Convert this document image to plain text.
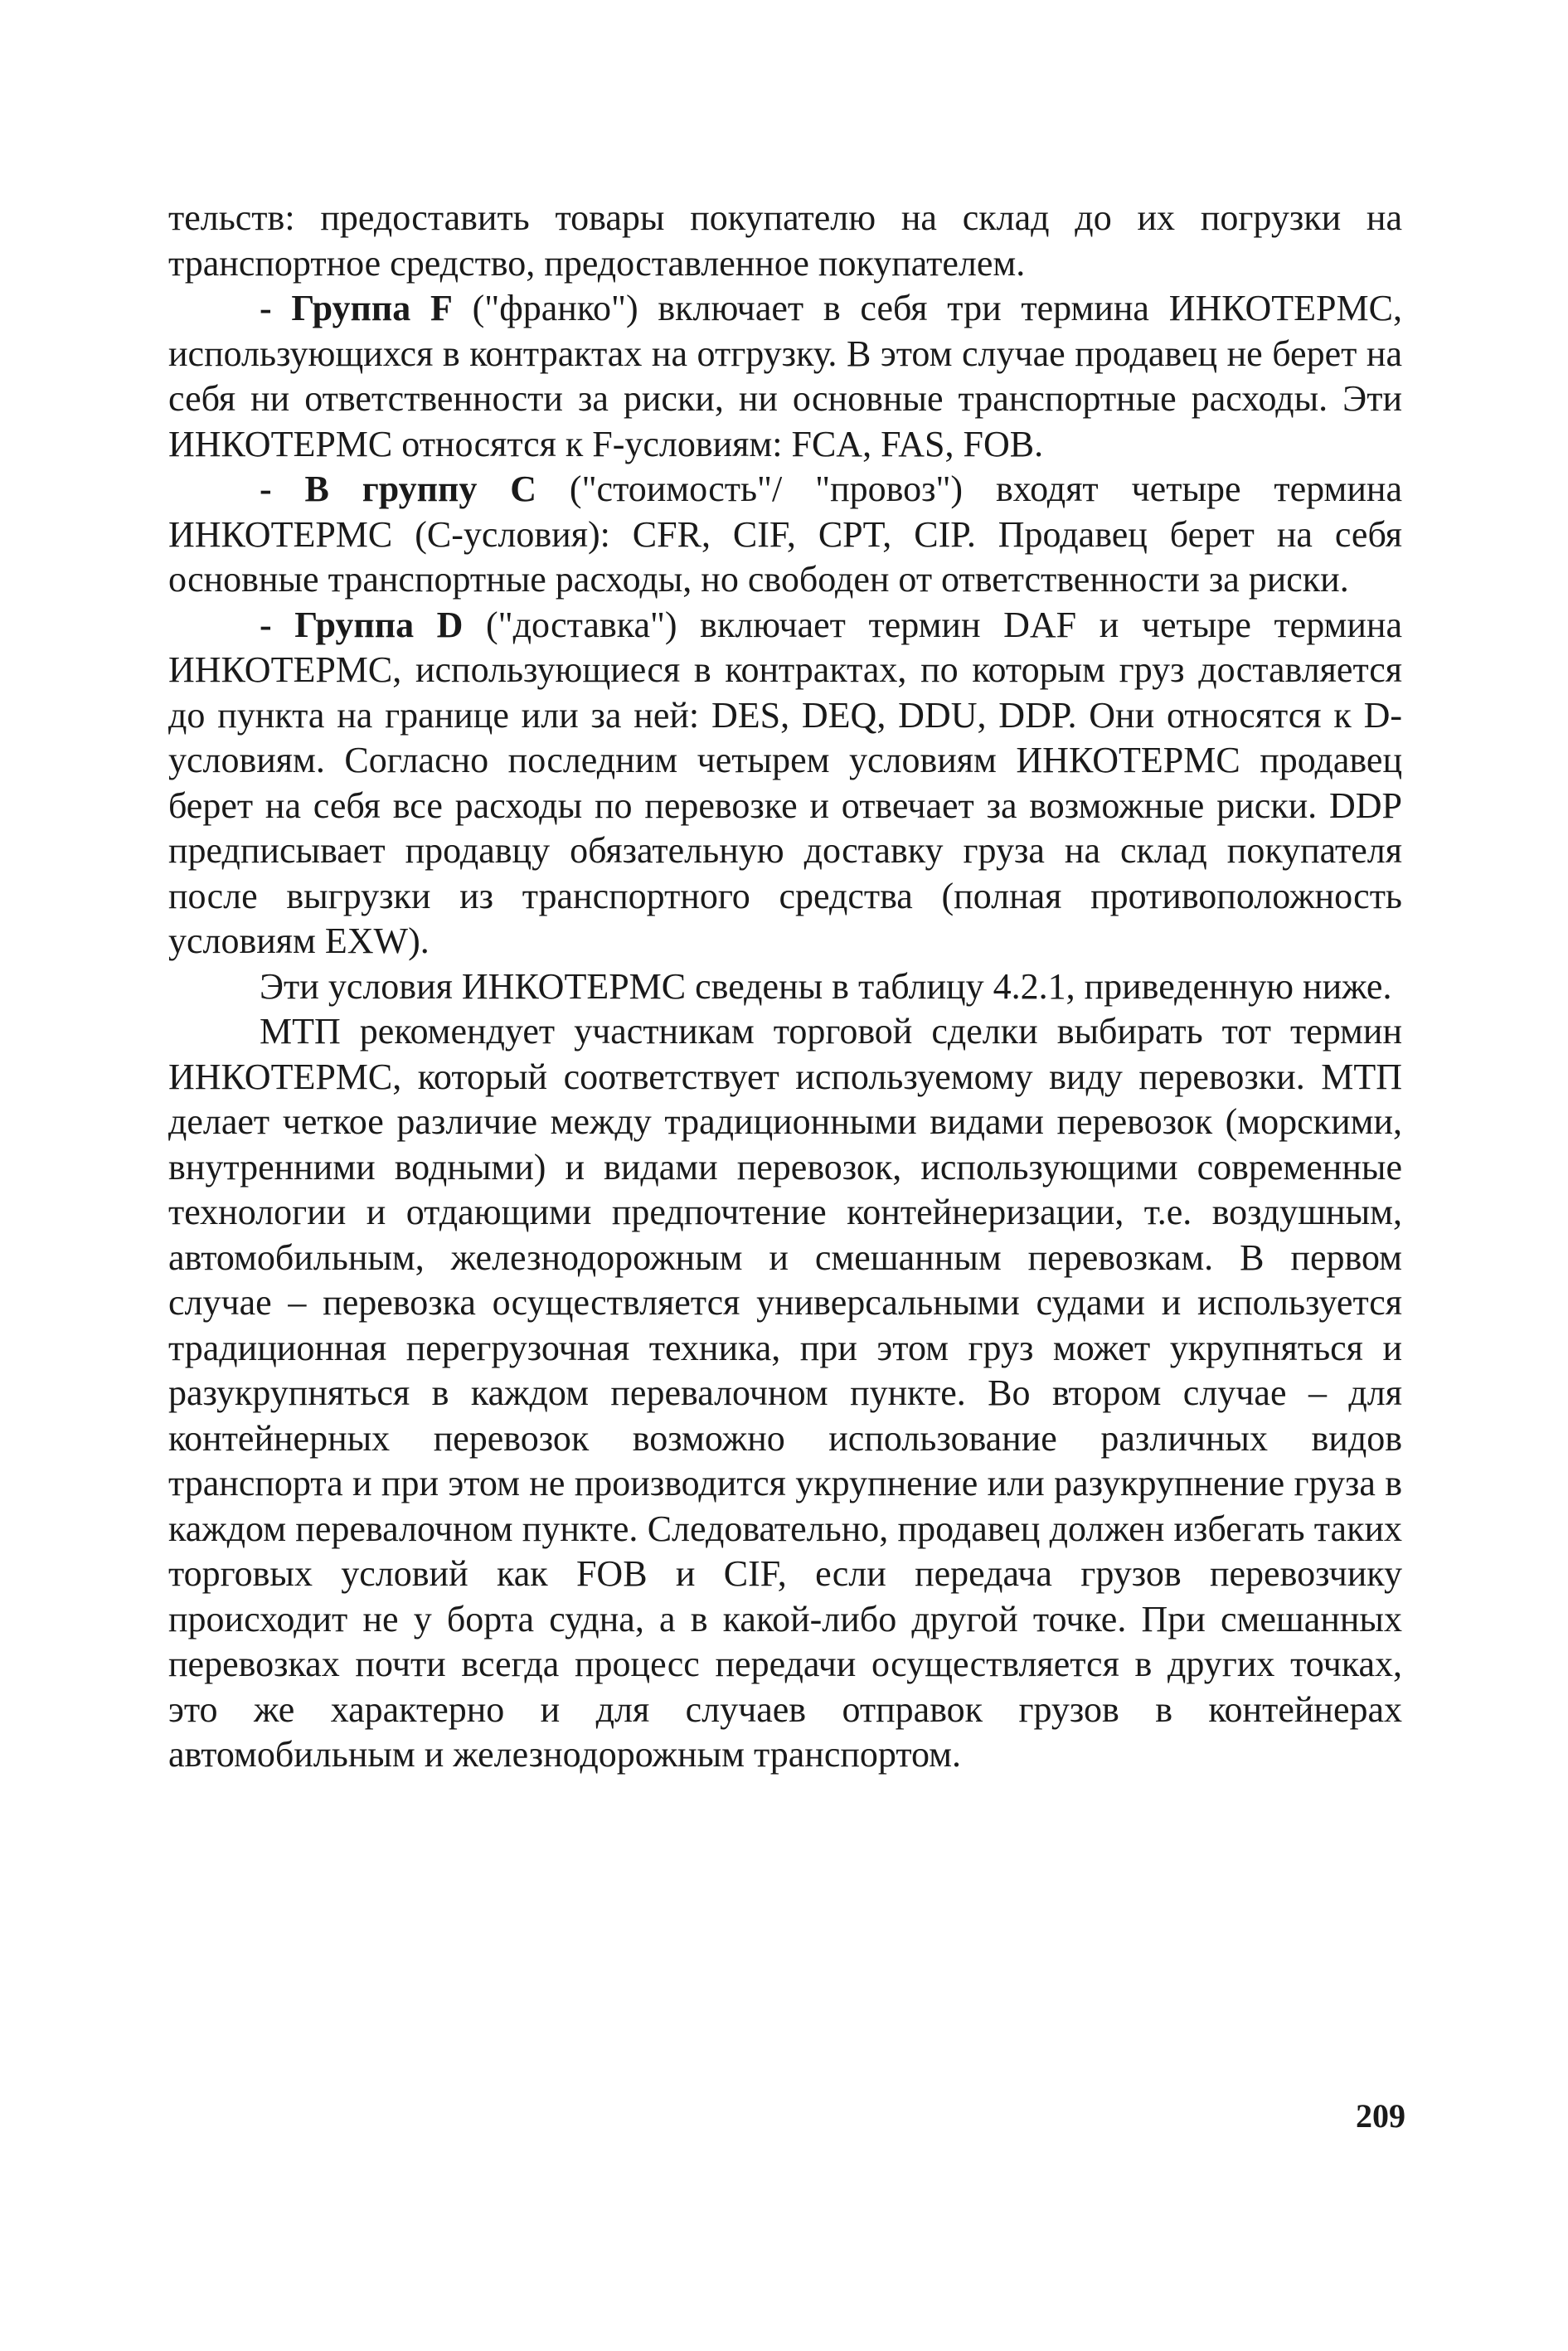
тельств: предоставить товары покупателю на склад до их погрузки на транспортное средство, предоставленное покупателем.

- Группа F ("франко") включает в себя три термина ИНКОТЕРМС, использующихся в контрактах на отгрузку. В этом случае продавец не берет на себя ни ответственности за риски, ни основные транспортные расходы. Эти ИНКОТЕРМС относятся к F-условиям: FCA, FAS, FOB.

- В группу C ("стоимость"/ "провоз") входят четыре термина ИНКОТЕРМС (C-условия): CFR, CIF, CPT, CIP. Продавец берет на себя основные транспортные расходы, но свободен от ответственности за риски.

- Группа D ("доставка") включает термин DAF и четыре термина ИНКОТЕРМС, использующиеся в контрактах, по которым груз доставляется до пункта на границе или за ней: DES, DEQ, DDU, DDP. Они относятся к D-условиям. Согласно последним четырем условиям ИНКОТЕРМС продавец берет на себя все расходы по перевозке и отвечает за возможные риски. DDP предписывает продавцу обязательную доставку груза на склад покупателя после выгрузки из транспортного средства (полная противоположность условиям EXW).

Эти условия ИНКОТЕРМС сведены в таблицу 4.2.1, приведенную ниже.

МТП рекомендует участникам торговой сделки выбирать тот термин ИНКОТЕРМС, который соответствует используемому виду перевозки. МТП делает четкое различие между традиционными видами перевозок (морскими, внутренними водными) и видами перевозок, использующими современные технологии и отдающими предпочтение контейнеризации, т.е. воздушным, автомобильным, железнодорожным и смешанным перевозкам. В первом случае – перевозка осуществляется универсальными судами и используется традиционная перегрузочная техника, при этом груз может укрупняться и разукрупняться в каждом перевалочном пункте. Во втором случае – для контейнерных перевозок возможно использование различных видов транспорта и при этом не производится укрупнение или разукрупнение груза в каждом перевалочном пункте. Следовательно, продавец должен избегать таких торговых условий как FOB и CIF, если передача грузов перевозчику происходит не у борта судна, а в какой-либо другой точке. При смешанных перевозках почти всегда процесс передачи осуществляется в других точках, это же характерно и для случаев отправок грузов в контейнерах автомобильным и железнодорожным транспортом.

209
